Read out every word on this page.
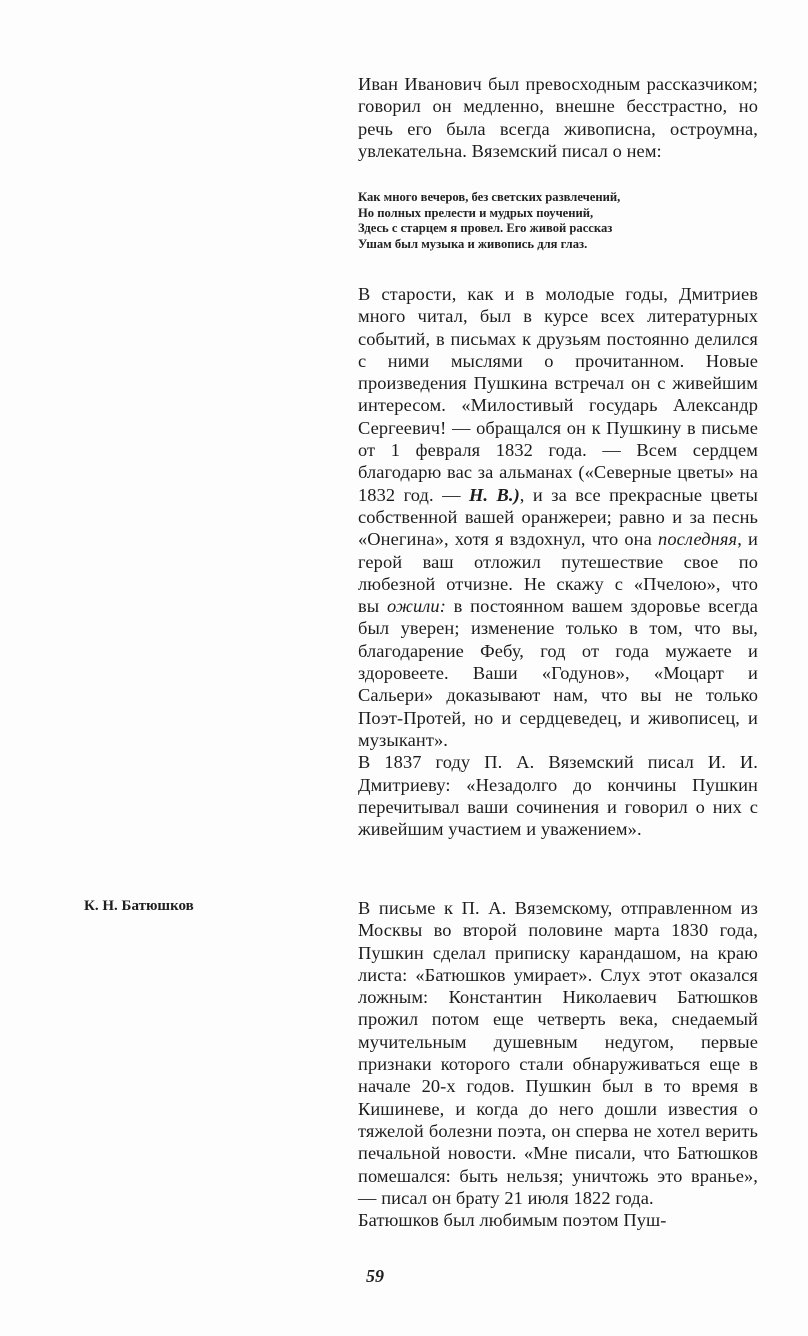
Иван Иванович был превосходным рассказчиком; говорил он медленно, внешне бесстрастно, но речь его была всегда живописна, остроумна, увлекательна. Вяземский писал о нем:

Как много вечеров, без светских развлечений,
Но полных прелести и мудрых поучений,
Здесь с старцем я провел. Его живой рассказ
Ушам был музыка и живопись для глаз.

В старости, как и в молодые годы, Дмитриев много читал, был в курсе всех литературных событий, в письмах к друзьям постоянно делился с ними мыслями о прочитанном. Новые произведения Пушкина встречал он с живейшим интересом. «Милостивый государь Александр Сергеевич! — обращался он к Пушкину в письме от 1 февраля 1832 года. — Всем сердцем благодарю вас за альманах («Северные цветы» на 1832 год. — Н. В.), и за все прекрасные цветы собственной вашей оранжереи; равно и за песнь «Онегина», хотя я вздохнул, что она последняя, и герой ваш отложил путешествие свое по любезной отчизне. Не скажу с «Пчелою», что вы ожили: в постоянном вашем здоровье всегда был уверен; изменение только в том, что вы, благодарение Фебу, год от года мужаете и здоровеете. Ваши «Годунов», «Моцарт и Сальери» доказывают нам, что вы не только Поэт-Протей, но и сердцеведец, и живописец, и музыкант».

В 1837 году П. А. Вяземский писал И. И. Дмитриеву: «Незадолго до кончины Пушкин перечитывал ваши сочинения и говорил о них с живейшим участием и уважением».

К. Н. Батюшков	В письме к П. А. Вяземскому, отправленном из Москвы во второй половине марта 1830 года, Пушкин сделал приписку карандашом, на краю листа: «Батюшков умирает». Слух этот оказался ложным: Константин Николаевич Батюшков прожил потом еще четверть века, снедаемый мучительным душевным недугом, первые признаки которого стали обнаруживаться еще в начале 20-х годов. Пушкин был в то время в Кишиневе, и когда до него дошли известия о тяжелой болезни поэта, он сперва не хотел верить печальной новости. «Мне писали, что Батюшков помешался: быть нельзя; уничтожь это вранье», — писал он брату 21 июля 1822 года.

Батюшков был любимым поэтом Пуш-

59
